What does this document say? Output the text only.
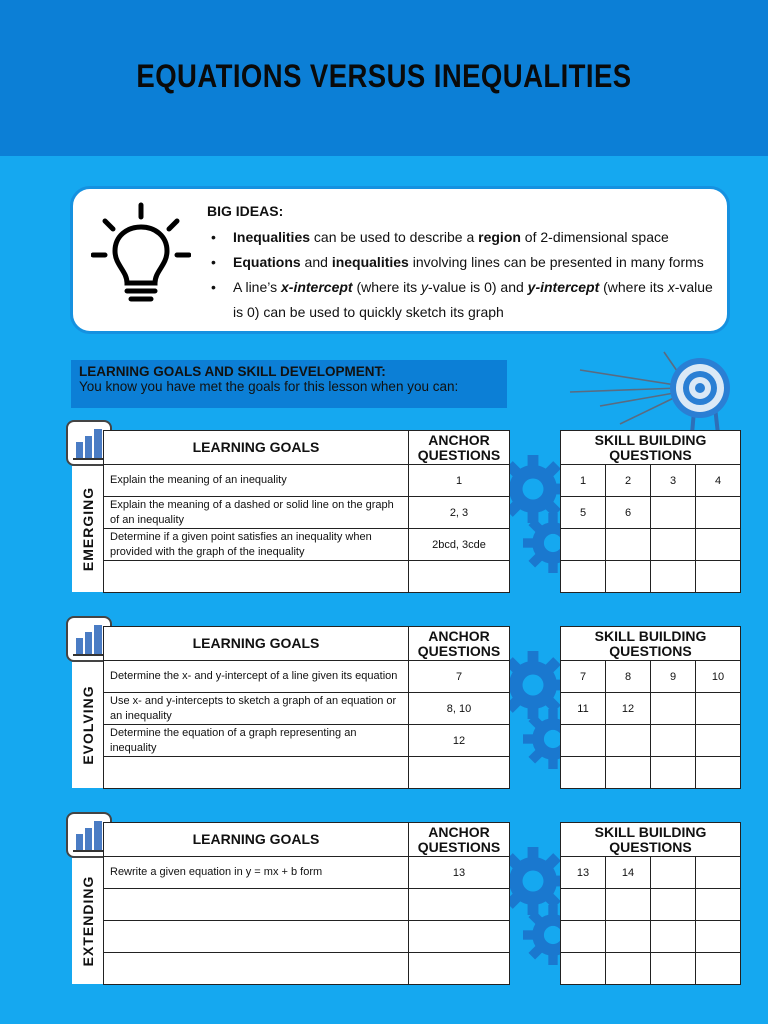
EQUATIONS VERSUS INEQUALITIES
BIG IDEAS:
• Inequalities can be used to describe a region of 2-dimensional space
• Equations and inequalities involving lines can be presented in many forms
• A line’s x-intercept (where its y-value is 0) and y-intercept (where its x-value is 0) can be used to quickly sketch its graph
LEARNING GOALS AND SKILL DEVELOPMENT:
You know you have met the goals for this lesson when you can:
EMERGING
LEARNING GOALS	ANCHOR QUESTIONS
Explain the meaning of an inequality	1
Explain the meaning of a dashed or solid line on the graph of an inequality	2, 3
Determine if a given point satisfies an inequality when provided with the graph of the inequality	2bcd, 3cde

SKILL BUILDING QUESTIONS			
1	2	3	4
5	6		

EVOLVING
LEARNING GOALS	ANCHOR QUESTIONS
Determine the x- and y-intercept of a line given its equation	7
Use x- and y-intercepts to sketch a graph of an equation or an inequality	8, 10
Determine the equation of a graph representing an inequality	12

SKILL BUILDING QUESTIONS			
7	8	9	10
11	12		

EXTENDING
LEARNING GOALS	ANCHOR QUESTIONS
Rewrite a given equation in y = mx + b form	13

SKILL BUILDING QUESTIONS			
13	14		
